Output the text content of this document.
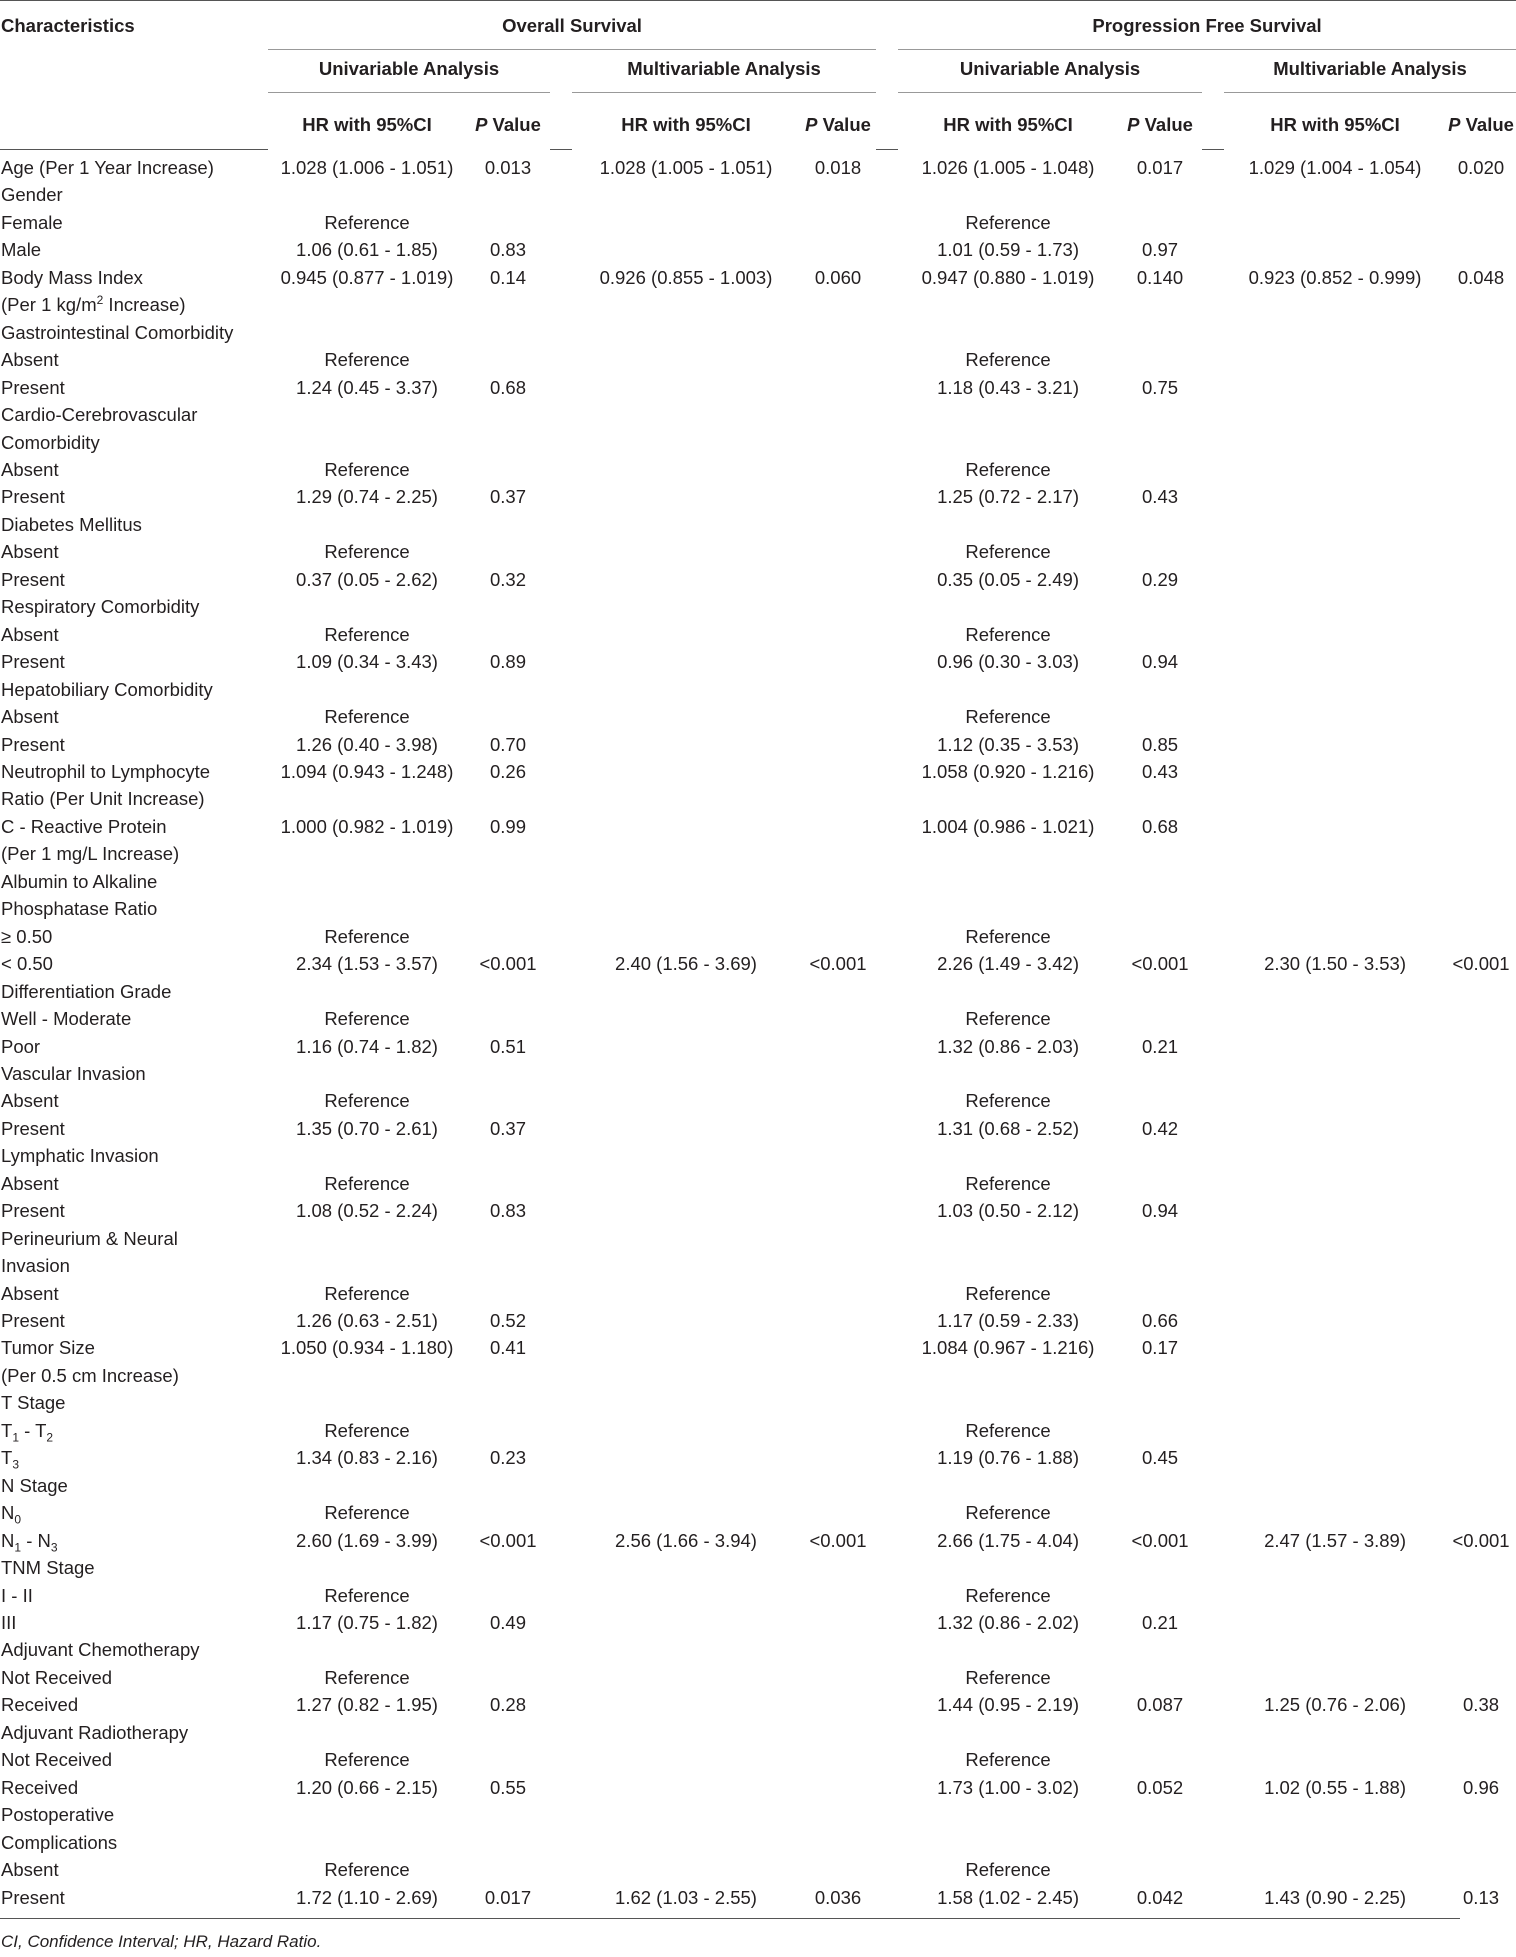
Characteristics	Overall Survival						Progression Free Survival				

	Univariable Analysis			Multivariable Analysis			Univariable Analysis			Multivariable Analysis	

	HR with 95%CI	P Value		HR with 95%CI	P Value		HR with 95%CI	P Value		HR with 95%CI	P Value
Age (Per 1 Year Increase)	1.028 (1.006 - 1.051)	0.013		1.028 (1.005 - 1.051)	0.018		1.026 (1.005 - 1.048)	0.017		1.029 (1.004 - 1.054)	0.020
Gender											
Female	Reference						Reference				
Male	1.06 (0.61 - 1.85)	0.83					1.01 (0.59 - 1.73)	0.97			
Body Mass Index	0.945 (0.877 - 1.019)	0.14		0.926 (0.855 - 1.003)	0.060		0.947 (0.880 - 1.019)	0.140		0.923 (0.852 - 0.999)	0.048
(Per 1 $kg/m^2$ Increase)											
Gastrointestinal Comorbidity											
Absent	Reference						Reference				
Present	1.24 (0.45 - 3.37)	0.68					1.18 (0.43 - 3.21)	0.75			
Cardio-Cerebrovascular											
Comorbidity											
Absent	Reference						Reference				
Present	1.29 (0.74 - 2.25)	0.37					1.25 (0.72 - 2.17)	0.43			
Diabetes Mellitus											
Absent	Reference						Reference				
Present	0.37 (0.05 - 2.62)	0.32					0.35 (0.05 - 2.49)	0.29			
Respiratory Comorbidity											
Absent	Reference						Reference				
Present	1.09 (0.34 - 3.43)	0.89					0.96 (0.30 - 3.03)	0.94			
Hepatobiliary Comorbidity											
Absent	Reference						Reference				
Present	1.26 (0.40 - 3.98)	0.70					1.12 (0.35 - 3.53)	0.85			
Neutrophil to Lymphocyte	1.094 (0.943 - 1.248)	0.26					1.058 (0.920 - 1.216)	0.43			
Ratio (Per Unit Increase)											
C - Reactive Protein	1.000 (0.982 - 1.019)	0.99					1.004 (0.986 - 1.021)	0.68			
(Per 1 mg/L Increase)											
Albumin to Alkaline											
Phosphatase Ratio											
≥ 0.50	Reference						Reference				
< 0.50	2.34 (1.53 - 3.57)	<0.001		2.40 (1.56 - 3.69)	<0.001		2.26 (1.49 - 3.42)	<0.001		2.30 (1.50 - 3.53)	<0.001
Differentiation Grade											
Well - Moderate	Reference						Reference				
Poor	1.16 (0.74 - 1.82)	0.51					1.32 (0.86 - 2.03)	0.21			
Vascular Invasion											
Absent	Reference						Reference				
Present	1.35 (0.70 - 2.61)	0.37					1.31 (0.68 - 2.52)	0.42			
Lymphatic Invasion											
Absent	Reference						Reference				
Present	1.08 (0.52 - 2.24)	0.83					1.03 (0.50 - 2.12)	0.94			
Perineurium & Neural											
Invasion											
Absent	Reference						Reference				
Present	1.26 (0.63 - 2.51)	0.52					1.17 (0.59 - 2.33)	0.66			
Tumor Size	1.050 (0.934 - 1.180)	0.41					1.084 (0.967 - 1.216)	0.17			
(Per 0.5 cm Increase)											
T Stage											
$T_1 - T_2$	Reference						Reference				
$T_3$	1.34 (0.83 - 2.16)	0.23					1.19 (0.76 - 1.88)	0.45			
N Stage											
$N_0$	Reference						Reference				
$N_1 - N_3$	2.60 (1.69 - 3.99)	<0.001		2.56 (1.66 - 3.94)	<0.001		2.66 (1.75 - 4.04)	<0.001		2.47 (1.57 - 3.89)	<0.001
TNM Stage											
I - II	Reference						Reference				
III	1.17 (0.75 - 1.82)	0.49					1.32 (0.86 - 2.02)	0.21			
Adjuvant Chemotherapy											
Not Received	Reference						Reference				
Received	1.27 (0.82 - 1.95)	0.28					1.44 (0.95 - 2.19)	0.087		1.25 (0.76 - 2.06)	0.38
Adjuvant Radiotherapy											
Not Received	Reference						Reference				
Received	1.20 (0.66 - 2.15)	0.55					1.73 (1.00 - 3.02)	0.052		1.02 (0.55 - 1.88)	0.96
Postoperative											
Complications											
Absent	Reference						Reference				
Present	1.72 (1.10 - 2.69)	0.017		1.62 (1.03 - 2.55)	0.036		1.58 (1.02 - 2.45)	0.042		1.43 (0.90 - 2.25)	0.13
CI, Confidence Interval; HR, Hazard Ratio.
